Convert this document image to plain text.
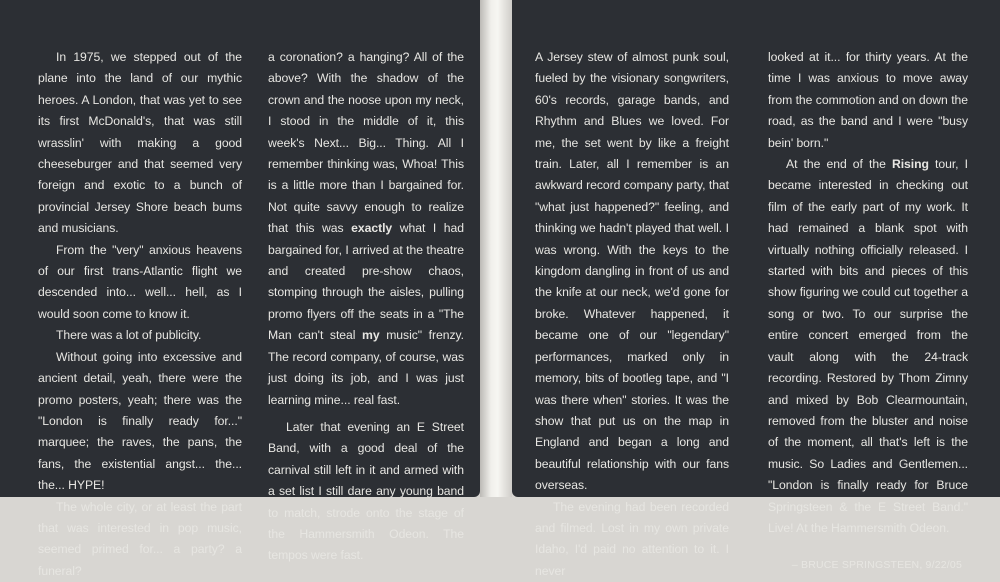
In 1975, we stepped out of the plane into the land of our mythic heroes. A London, that was yet to see its first McDonald's, that was still wrasslin' with making a good cheeseburger and that seemed very foreign and exotic to a bunch of provincial Jersey Shore beach bums and musicians.

From the "very" anxious heavens of our first trans-Atlantic flight we descended into... well... hell, as I would soon come to know it.

There was a lot of publicity.

Without going into excessive and ancient detail, yeah, there were the promo posters, yeah; there was the "London is finally ready for..." marquee; the raves, the pans, the fans, the existential angst... the... the... HYPE!

The whole city, or at least the part that was interested in pop music, seemed primed for... a party? a funeral?

a coronation? a hanging? All of the above? With the shadow of the crown and the noose upon my neck, I stood in the middle of it, this week's Next... Big... Thing. All I remember thinking was, Whoa! This is a little more than I bargained for. Not quite savvy enough to realize that this was exactly what I had bargained for, I arrived at the theatre and created pre-show chaos, stomping through the aisles, pulling promo flyers off the seats in a "The Man can't steal my music" frenzy. The record company, of course, was just doing its job, and I was just learning mine... real fast.

Later that evening an E Street Band, with a good deal of the carnival still left in it and armed with a set list I still dare any young band to match, strode onto the stage of the Hammersmith Odeon. The tempos were fast.

A Jersey stew of almost punk soul, fueled by the visionary songwriters, 60's records, garage bands, and Rhythm and Blues we loved. For me, the set went by like a freight train. Later, all I remember is an awkward record company party, that "what just happened?" feeling, and thinking we hadn't played that well. I was wrong. With the keys to the kingdom dangling in front of us and the knife at our neck, we'd gone for broke. Whatever happened, it became one of our "legendary" performances, marked only in memory, bits of bootleg tape, and "I was there when" stories. It was the show that put us on the map in England and began a long and beautiful relationship with our fans overseas.

The evening had been recorded and filmed. Lost in my own private Idaho, I'd paid no attention to it. I never

looked at it... for thirty years. At the time I was anxious to move away from the commotion and on down the road, as the band and I were "busy bein' born."

At the end of the Rising tour, I became interested in checking out film of the early part of my work. It had remained a blank spot with virtually nothing officially released. I started with bits and pieces of this show figuring we could cut together a song or two. To our surprise the entire concert emerged from the vault along with the 24-track recording. Restored by Thom Zimny and mixed by Bob Clearmountain, removed from the bluster and noise of the moment, all that's left is the music. So Ladies and Gentlemen... "London is finally ready for Bruce Springsteen & the E Street Band." Live! At the Hammersmith Odeon.

– BRUCE SPRINGSTEEN, 9/22/05
